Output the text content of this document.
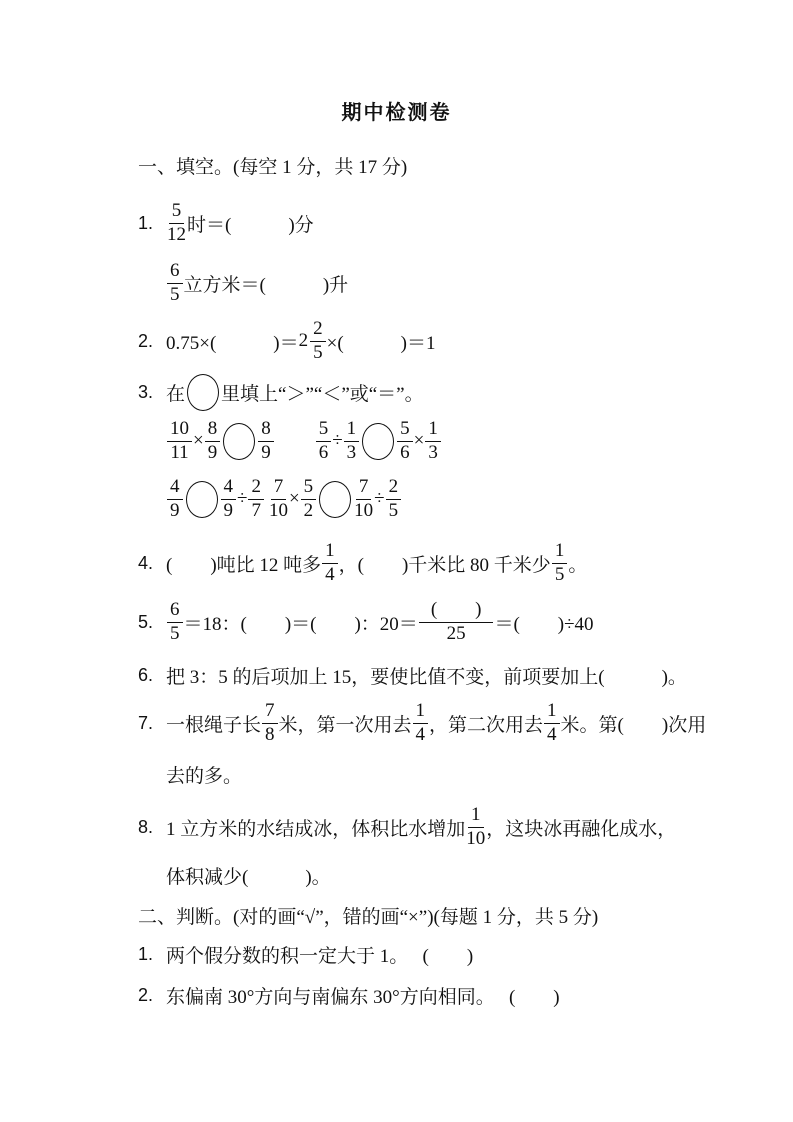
期中检测卷
一、填空。(每空 1 分，共 17 分)
1. $\frac{5}{12}$ 时＝(　　　)分
$\frac{6}{5}$ 立方米＝(　　　)升
2. 0.75×(　　　)＝ $2 \frac{2}{5}$ ×(　　　)＝1
3. 在 里填上“＞”“＜”或“＝”。
$\frac{10}{11} \times \frac{8}{9} \frac{8}{9} \frac{5}{6} \div \frac{1}{3} \frac{5}{6} \times \frac{1}{3}$
$\frac{4}{9} \frac{4}{9} \div \frac{2}{7} \frac{7}{10} \times \frac{5}{2} \frac{7}{10} \div \frac{2}{5}$
4. (　　)吨比 12 吨多 $\frac{1}{4}$ ，(　　)千米比 80 千米少 $\frac{1}{5}$ 。
5. $\frac{6}{5} =18$：(　　)＝(　　)：$20= \frac{( )}{25}$ ＝(　　)÷40
6. 把 3：5 的后项加上 15，要使比值不变，前项要加上(　　　)。
7. 一根绳子长 $\frac{7}{8}$ 米，第一次用去 $\frac{1}{4}$ ，第二次用去 $\frac{1}{4}$ 米。第(　　)次用
去的多。
8. 1 立方米的水结成冰，体积比水增加 $\frac{1}{10}$ ，这块冰再融化成水，
体积减少(　　　)。
二、判断。(对的画“√”，错的画“×”)(每题 1 分，共 5 分)
1. 两个假分数的积一定大于 1。　 (　　)
2. 东偏南 30°方向与南偏东 30°方向相同。　 (　　)
